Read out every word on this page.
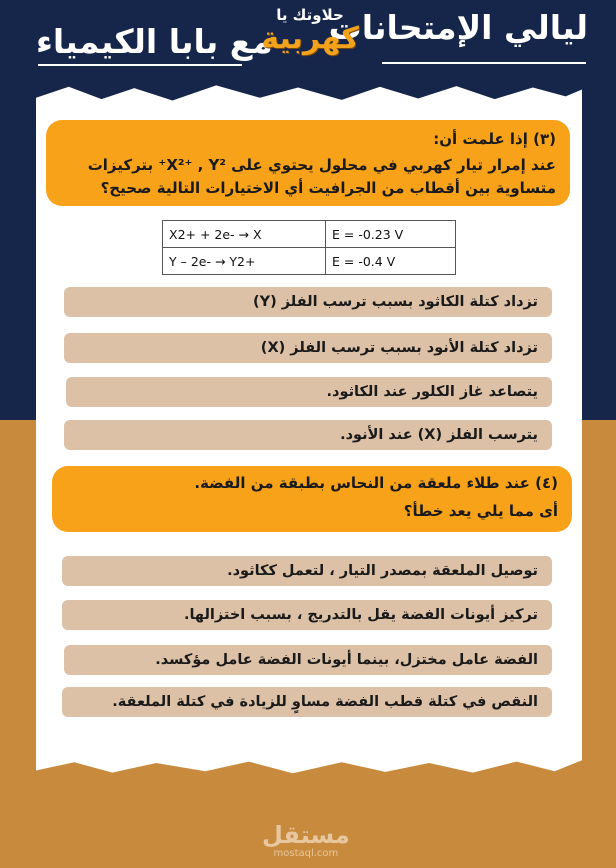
ليالي الإمتحانات
مع بابا الكيمياء
حلاوتك يا
كهربية
(٣) إذا علمت أن:
عند إمرار تيار كهربي في محلول يحتوي على X²⁺ , Y²⁺ بتركيزات
متساوية بين أقطاب من الجرافيت أي الاختيارات التالية صحيح؟
X2+ + 2e- → X	E = -0.23 V
Y – 2e- → Y2+	E = -0.4 V
تزداد كتلة الكاثود بسبب ترسب الفلز (Y)
تزداد كتلة الأنود بسبب ترسب الفلز (X)
يتصاعد غاز الكلور عند الكاثود.
يترسب الفلز (X) عند الأنود.
(٤) عند طلاء ملعقة من النحاس بطبقة من الفضة.
أى مما يلي يعد خطأ؟
توصيل الملعقة بمصدر التيار ، لتعمل ككاثود.
تركيز أيونات الفضة يقل بالتدريج ، بسبب اختزالها.
الفضة عامل مختزل، بينما أيونات الفضة عامل مؤكسد.
النقص في كتلة قطب الفضة مساوٍ للزيادة في كتلة الملعقة.
مستقل
mostaql.com
